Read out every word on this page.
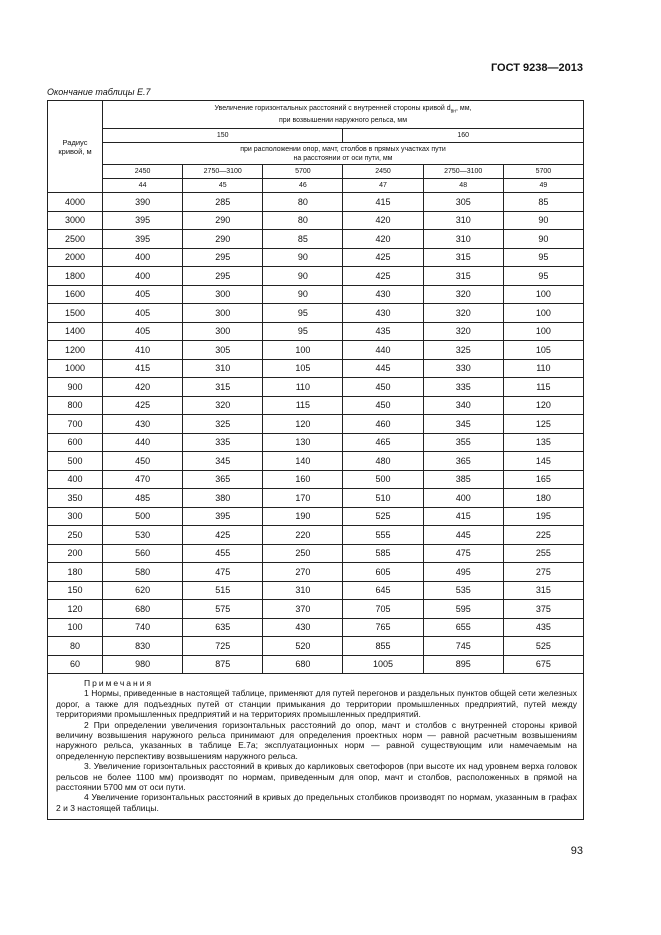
ГОСТ 9238—2013
Окончание таблицы Е.7
Радиус кривой, м	Увеличение горизонтальных расстояний с внутренней стороны кривой $d_{вн}$, мм,
при возвышении наружного рельса, мм					
	150			160		
	при расположении опор, мачт, столбов в прямых участках пути
на расстоянии от оси пути, мм					
	2450	2750—3100	5700	2450	2750—3100	5700
	44	45	46	47	48	49
4000	390	285	80	415	305	85
3000	395	290	80	420	310	90
2500	395	290	85	420	310	90
2000	400	295	90	425	315	95
1800	400	295	90	425	315	95
1600	405	300	90	430	320	100
1500	405	300	95	430	320	100
1400	405	300	95	435	320	100
1200	410	305	100	440	325	105
1000	415	310	105	445	330	110
900	420	315	110	450	335	115
800	425	320	115	450	340	120
700	430	325	120	460	345	125
600	440	335	130	465	355	135
500	450	345	140	480	365	145
400	470	365	160	500	385	165
350	485	380	170	510	400	180
300	500	395	190	525	415	195
250	530	425	220	555	445	225
200	560	455	250	585	475	255
180	580	475	270	605	495	275
150	620	515	310	645	535	315
120	680	575	370	705	595	375
100	740	635	430	765	655	435
80	830	725	520	855	745	525
60	980	875	680	1005	895	675

Примечания
1 Нормы, приведенные в настоящей таблице, применяют для путей перегонов и раздельных пунктов общей сети железных дорог, а также для подъездных путей от станции примыкания до территории промышленных предприятий, путей между территориями промышленных предприятий и на территориях промышленных предприятий.
2 При определении увеличения горизонтальных расстояний до опор, мачт и столбов с внутренней стороны кривой величину возвышения наружного рельса принимают для определения проектных норм — равной расчетным возвышениям наружного рельса, указанных в таблице Е.7а; эксплуатационных норм — равной существующим или намечаемым на определенную перспективу возвышениям наружного рельса.
3. Увеличение горизонтальных расстояний в кривых до карликовых светофоров (при высоте их над уровнем верха головок рельсов не более 1100 мм) производят по нормам, приведенным для опор, мачт и столбов, расположенных в прямой на расстоянии 5700 мм от оси пути.
4 Увеличение горизонтальных расстояний в кривых до предельных столбиков производят по нормам, указанным в графах 2 и 3 настоящей таблицы.						
93
